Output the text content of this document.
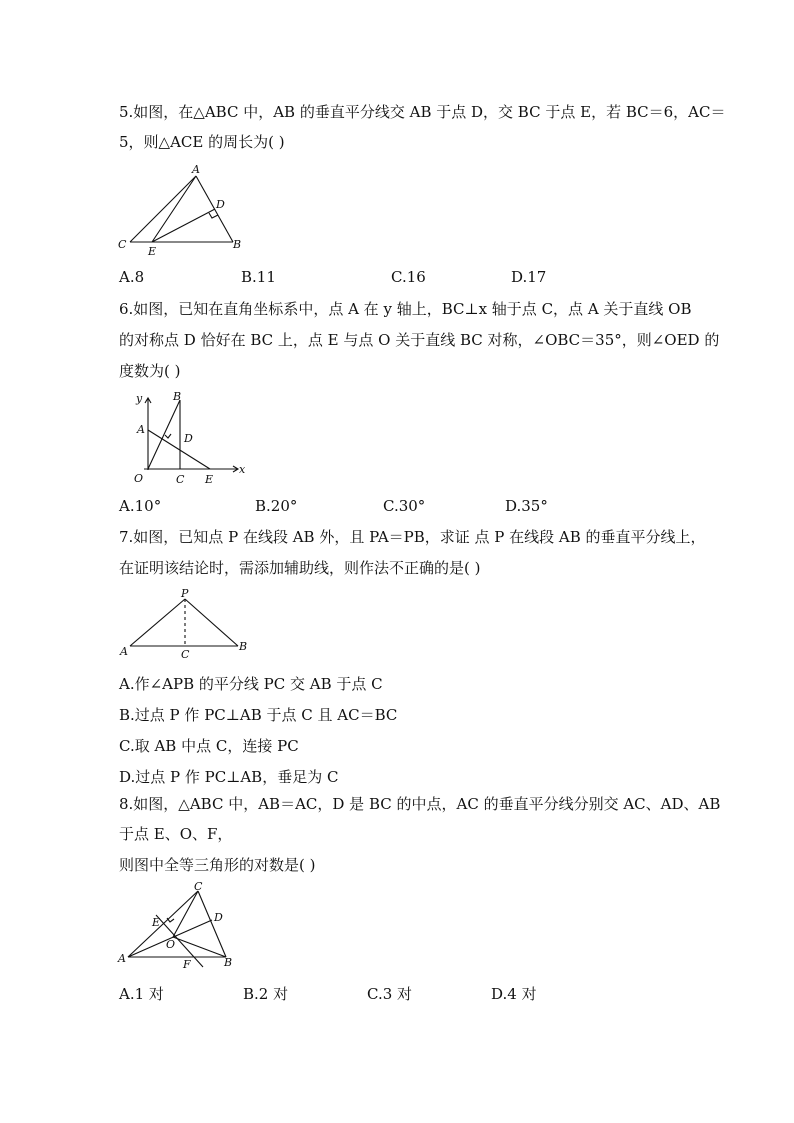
5.如图，在△ABC 中，AB 的垂直平分线交 AB 于点 D，交 BC 于点 E，若 BC＝6，AC＝
5，则△ACE 的周长为( )
A
D
C
E
B
A.8	B.11	C.16	D.17
6.如图，已知在直角坐标系中，点 A 在 y 轴上，BC⊥x 轴于点 C，点 A 关于直线 OB
的对称点 D 恰好在 BC 上，点 E 与点 O 关于直线 BC 对称，∠OBC＝35°，则∠OED 的
度数为( )
y	B
A
D
O	C E
x
A.10°	B.20°	C.30°	D.35°
7.如图，已知点 P 在线段 AB 外，且 PA＝PB，求证 点 P 在线段 AB 的垂直平分线上，
在证明该结论时，需添加辅助线，则作法不正确的是( )
P
A	C
B
A.作∠APB 的平分线 PC 交 AB 于点 C
B.过点 P 作 PC⊥AB 于点 C 且 AC＝BC
C.取 AB 中点 C，连接 PC
D.过点 P 作 PC⊥AB，垂足为 C
8.如图，△ABC 中，AB＝AC，D 是 BC 的中点，AC 的垂直平分线分别交 AC、AD、AB
于点 E、O、F，
则图中全等三角形的对数是( )
C
E	D
O
A	F	B
A.1 对	B.2 对	C.3 对	D.4 对
